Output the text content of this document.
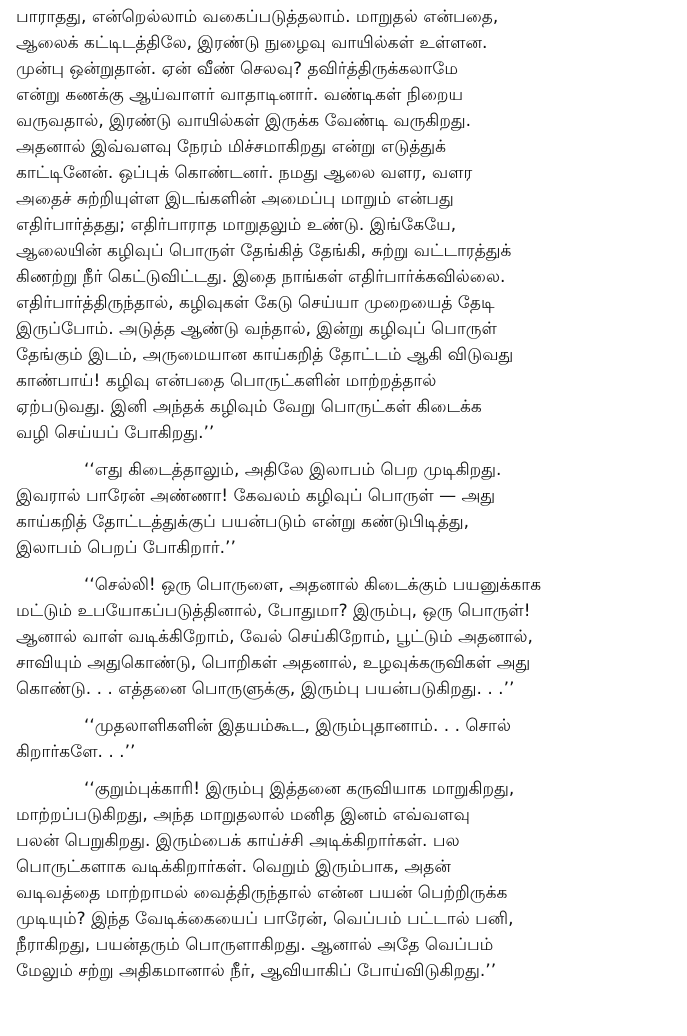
பாராதது, என்றெல்லாம் வகைப்படுத்தலாம். மாறுதல் என்பதை,
ஆலைக் கட்டிடத்திலே, இரண்டு நுழைவு வாயில்கள் உள்ளன.
முன்பு ஒன்றுதான். ஏன் வீண் செலவு? தவிர்த்திருக்கலாமே
என்று கணக்கு ஆய்வாளர் வாதாடினார். வண்டிகள் நிறைய
வருவதால், இரண்டு வாயில்கள் இருக்க வேண்டி வருகிறது.
அதனால் இவ்வளவு நேரம் மிச்சமாகிறது என்று எடுத்துக்
காட்டினேன். ஒப்புக் கொண்டனர். நமது ஆலை வளர, வளர
அதைச் சுற்றியுள்ள இடங்களின் அமைப்பு மாறும் என்பது
எதிர்பார்த்தது; எதிர்பாராத மாறுதலும் உண்டு. இங்கேயே,
ஆலையின் கழிவுப் பொருள் தேங்கித் தேங்கி, சுற்று வட்டாரத்துக்
கிணற்று நீர் கெட்டுவிட்டது. இதை நாங்கள் எதிர்பார்க்கவில்லை.
எதிர்பார்த்திருந்தால், கழிவுகள் கேடு செய்யா முறையைத் தேடி
இருப்போம். அடுத்த ஆண்டு வந்தால், இன்று கழிவுப் பொருள்
தேங்கும் இடம், அருமையான காய்கறித் தோட்டம் ஆகி விடுவது
காண்பாய்! கழிவு என்பதை பொருட்களின் மாற்றத்தால்
ஏற்படுவது. இனி அந்தக் கழிவும் வேறு பொருட்கள் கிடைக்க
வழி செய்யப் போகிறது.’’
‘‘எது கிடைத்தாலும், அதிலே இலாபம் பெற முடிகிறது.
இவரால் பாரேன் அண்ணா! கேவலம் கழிவுப் பொருள் — அது
காய்கறித் தோட்டத்துக்குப் பயன்படும் என்று கண்டுபிடித்து,
இலாபம் பெறப் போகிறார்.’’
‘‘செல்லி! ஒரு பொருளை, அதனால் கிடைக்கும் பயனுக்காக
மட்டும் உபயோகப்படுத்தினால், போதுமா? இரும்பு, ஒரு பொருள்!
ஆனால் வாள் வடிக்கிறோம், வேல் செய்கிறோம், பூட்டும் அதனால்,
சாவியும் அதுகொண்டு, பொறிகள் அதனால், உழவுக்கருவிகள் அது
கொண்டு. . . எத்தனை பொருளுக்கு, இரும்பு பயன்படுகிறது. . .’’
‘‘முதலாளிகளின் இதயம்கூட, இரும்புதானாம். . . சொல்
கிறார்களே. . .’’
‘‘குறும்புக்காரி! இரும்பு இத்தனை கருவியாக மாறுகிறது,
மாற்றப்படுகிறது, அந்த மாறுதலால் மனித இனம் எவ்வளவு
பலன் பெறுகிறது. இரும்பைக் காய்ச்சி அடிக்கிறார்கள். பல
பொருட்களாக வடிக்கிறார்கள். வெறும் இரும்பாக, அதன்
வடிவத்தை மாற்றாமல் வைத்திருந்தால் என்ன பயன் பெற்றிருக்க
முடியும்? இந்த வேடிக்கையைப் பாரேன், வெப்பம் பட்டால் பனி,
நீராகிறது, பயன்தரும் பொருளாகிறது. ஆனால் அதே வெப்பம்
மேலும் சற்று அதிகமானால் நீர், ஆவியாகிப் போய்விடுகிறது.’’
